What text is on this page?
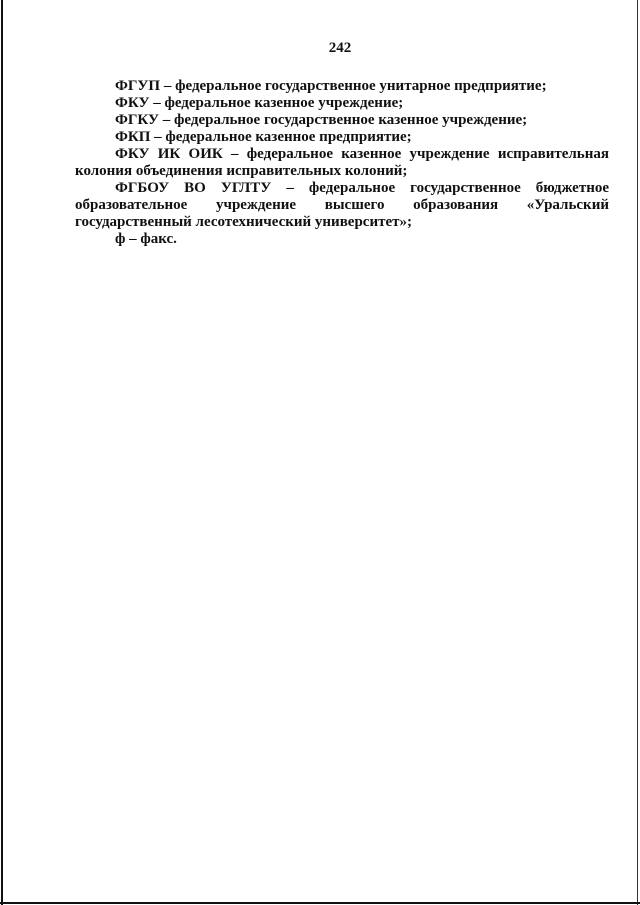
242

ФГУП – федеральное государственное унитарное предприятие;

ФКУ – федеральное казенное учреждение;

ФГКУ – федеральное государственное казенное учреждение;

ФКП – федеральное казенное предприятие;

ФКУ ИК ОИК – федеральное казенное учреждение исправительная колония объединения исправительных колоний;

ФГБОУ ВО УГЛТУ – федеральное государственное бюджетное образовательное учреждение высшего образования «Уральский государственный лесотехнический университет»;

ф – факс.
